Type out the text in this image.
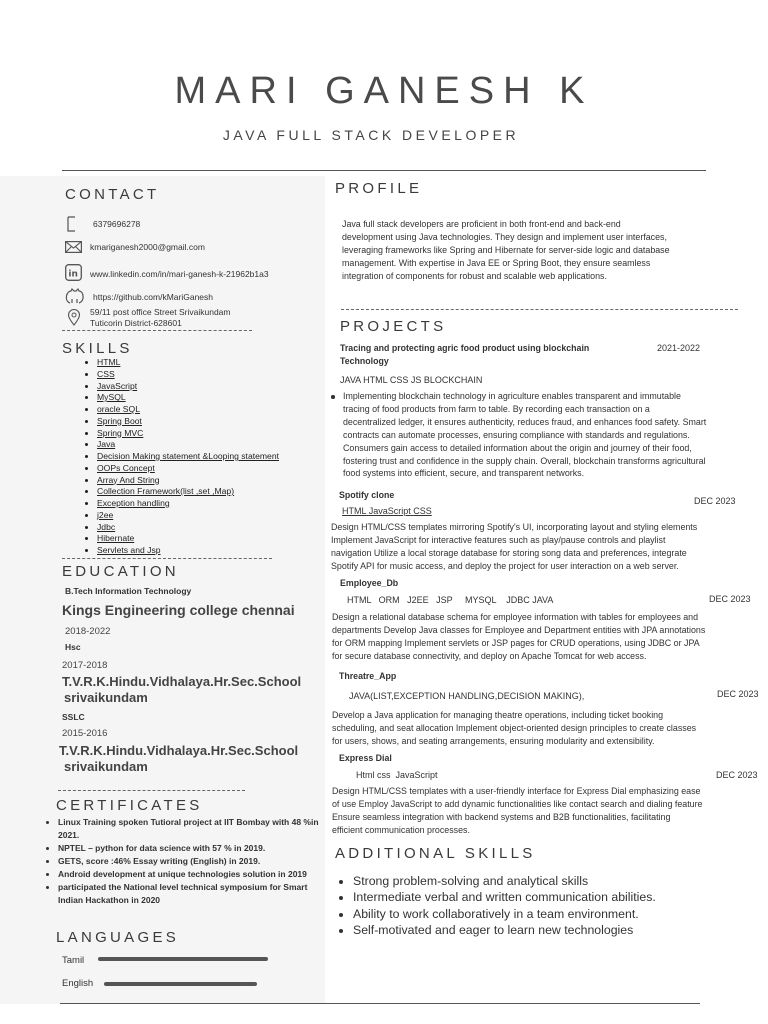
MARI GANESH K
JAVA FULL STACK DEVELOPER
CONTACT
6379696278
kmariganesh2000@gmail.com
in www.linkedin.com/in/mari-ganesh-k-21962b1a3
https://github.com/kMariGanesh
59/11 post office Street Srivaikundam
Tuticorin District-628601
SKILLS
• HTML
• CSS
• JavaScript
• MySQL
• oracle SQL
• Spring Boot
• Spring MVC
• Java
• Decision Making statement &Looping statement
• OOPs Concept
• Array And String
• Collection Framework(list ,set ,Map)
• Exception handling
• j2ee
• Jdbc
• Hibernate
• Servlets and Jsp
EDUCATION
B.Tech Information Technology
Kings Engineering college chennai
2018-2022
Hsc
2017-2018
T.V.R.K.Hindu.Vidhalaya.Hr.Sec.School
srivaikundam
SSLC
2015-2016
T.V.R.K.Hindu.Vidhalaya.Hr.Sec.School
srivaikundam
CERTIFICATES
• Linux Training spoken Tutioral project at IIT Bombay with 48 %in 2021.
• NPTEL – python for data science with 57 % in 2019.
• GETS, score :46% Essay writing (English) in 2019.
• Android development at unique technologies solution in 2019
• participated the National level technical symposium for Smart Indian Hackathon in 2020
LANGUAGES
Tamil
English
PROFILE
Java full stack developers are proficient in both front-end and back-end
development using Java technologies. They design and implement user interfaces,
leveraging frameworks like Spring and Hibernate for server-side logic and database
management. With expertise in Java EE or Spring Boot, they ensure seamless
integration of components for robust and scalable web applications.
PROJECTS
Tracing and protecting agric food product using blockchain
Technology
2021-2022
JAVA HTML CSS JS BLOCKCHAIN
Implementing blockchain technology in agriculture enables transparent and immutable
tracing of food products from farm to table. By recording each transaction on a
decentralized ledger, it ensures authenticity, reduces fraud, and enhances food safety. Smart
contracts can automate processes, ensuring compliance with standards and regulations.
Consumers gain access to detailed information about the origin and journey of their food,
fostering trust and confidence in the supply chain. Overall, blockchain transforms agricultural
food systems into efficient, secure, and transparent networks.
Spotify clone
DEC 2023
HTML JavaScript CSS
Design HTML/CSS templates mirroring Spotify's UI, incorporating layout and styling elements
Implement JavaScript for interactive features such as play/pause controls and playlist
navigation Utilize a local storage database for storing song data and preferences, integrate
Spotify API for music access, and deploy the project for user interaction on a web server.
Employee_Db
DEC 2023
HTML   ORM   J2EE   JSP     MYSQL    JDBC JAVA
Design a relational database schema for employee information with tables for employees and
departments Develop Java classes for Employee and Department entities with JPA annotations
for ORM mapping Implement servlets or JSP pages for CRUD operations, using JDBC or JPA
for secure database connectivity, and deploy on Apache Tomcat for web access.
Threatre_App
DEC 2023
JAVA(LIST,EXCEPTION HANDLING,DECISION MAKING),
Develop a Java application for managing theatre operations, including ticket booking
scheduling, and seat allocation Implement object-oriented design principles to create classes
for users, shows, and seating arrangements, ensuring modularity and extensibility.
Express Dial
DEC 2023
Html css  JavaScript
Design HTML/CSS templates with a user-friendly interface for Express Dial emphasizing ease
of use Employ JavaScript to add dynamic functionalities like contact search and dialing feature
Ensure seamless integration with backend systems and B2B functionalities, facilitating
efficient communication processes.
ADDITIONAL SKILLS
• Strong problem-solving and analytical skills
• Intermediate verbal and written communication abilities.
• Ability to work collaboratively in a team environment.
• Self-motivated and eager to learn new technologies
